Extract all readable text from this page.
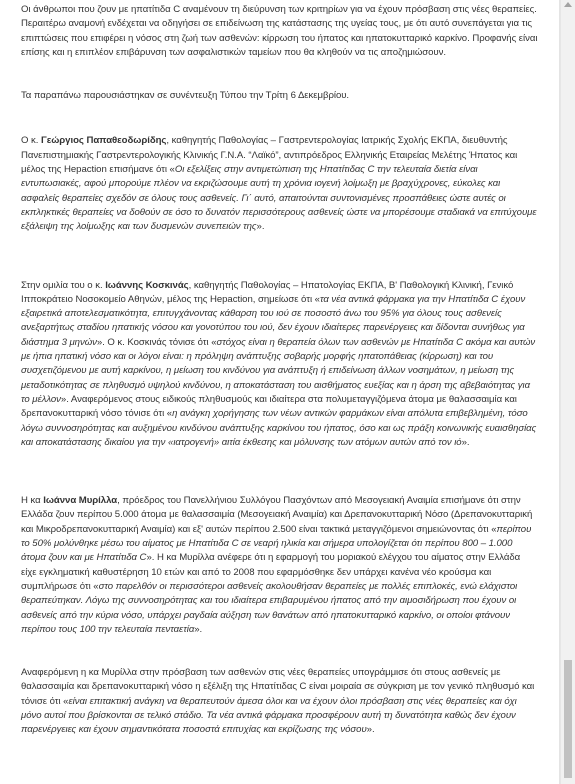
Οι άνθρωποι που ζουν με ηπατίτιδα C αναμένουν τη διεύρυνση των κριτηρίων για να έχουν πρόσβαση στις νέες θεραπείες. Περαιτέρω αναμονή ενδέχεται να οδηγήσει σε επιδείνωση της κατάστασης της υγείας τους, με ότι αυτό συνεπάγεται για τις επιπτώσεις που επιφέρει η νόσος στη ζωή των ασθενών: κίρρωση του ήπατος και ηπατοκυτταρικό καρκίνο. Προφανής είναι επίσης και η επιπλέον επιβάρυνση των ασφαλιστικών ταμείων που θα κληθούν να τις αποζημιώσουν.

Τα παραπάνω παρουσιάστηκαν σε συνέντευξη Τύπου την Τρίτη 6 Δεκεμβρίου.

Ο κ. Γεώργιος Παπαθεοδωρίδης, καθηγητής Παθολογίας – Γαστρεντερολογίας Ιατρικής Σχολής ΕΚΠΑ, διευθυντής Πανεπιστημιακής Γαστρεντερολογικής Κλινικής Γ.Ν.Α. “Λαϊκό”, αντιπρόεδρος Ελληνικής Εταιρείας Μελέτης Ήπατος και μέλος της Hepaction επισήμανε ότι «Οι εξελίξεις στην αντιμετώπιση της Ηπατίτιδας C την τελευταία διετία είναι εντυπωσιακές, αφού μπορούμε πλέον να εκριζώσουμε αυτή τη χρόνια ιογενή λοίμωξη με βραχύχρονες, εύκολες και ασφαλείς θεραπείες σχεδόν σε όλους τους ασθενείς. Γι΄ αυτό, απαιτούνται συντονισμένες προσπάθειες ώστε αυτές οι εκπληκτικές θεραπείες να δοθούν σε όσο το δυνατόν περισσότερους ασθενείς ώστε να μπορέσουμε σταδιακά να επιτύχουμε εξάλειψη της λοίμωξης και των δυσμενών συνεπειών της».

Στην ομιλία του ο κ. Ιωάννης Κοσκινάς, καθηγητής Παθολογίας – Ηπατολογίας ΕΚΠΑ, Β' Παθολογική Κλινική, Γενικό Ιπποκράτειο Νοσοκομείο Αθηνών, μέλος της Hepaction, σημείωσε ότι «τα νέα αντικά φάρμακα για την Ηπατίτιδα C έχουν εξαιρετικά αποτελεσματικότητα, επιτυγχάνοντας κάθαρση του ιού σε ποσοστό άνω του 95% για όλους τους ασθενείς ανεξαρτήτως σταδίου ηπατικής νόσου και γονοτύπου του ιού, δεν έχουν ιδιαίτερες παρενέργειες και δίδονται συνήθως για διάστημα 3 μηνών». Ο κ. Κοσκινάς τόνισε ότι «στόχος είναι η θεραπεία όλων των ασθενών με Ηπατίτιδα C ακόμα και αυτών με ήπια ηπατική νόσο και οι λόγοι είναι: η πρόληψη ανάπτυξης σοβαρής μορφής ηπατοπάθειας (κίρρωση) και του συσχετιζόμενου με αυτή καρκίνου, η μείωση του κινδύνου για ανάπτυξη ή επιδείνωση άλλων νοσημάτων, η μείωση της μεταδοτικότητας σε πληθυσμό υψηλού κινδύνου, η αποκατάσταση του αισθήματος ευεξίας και η άρση της αβεβαιότητας για το μέλλον». Αναφερόμενος στους ειδικούς πληθυσμούς και ιδιαίτερα στα πολυμεταγγιζόμενα άτομα με θαλασσαιμία και δρεπανοκυτταρική νόσο τόνισε ότι «η ανάγκη χορήγησης των νέων αντικών φαρμάκων είναι απόλυτα επιβεβλημένη, τόσο λόγω συννοσηρότητας και αυξημένου κινδύνου ανάπτυξης καρκίνου του ήπατος, όσο και ως πράξη κοινωνικής ευαισθησίας και αποκατάστασης δικαίου για την «ιατρογενή» αιτία έκθεσης και μόλυνσης των ατόμων αυτών από τον ιό».

Η κα Ιωάννα Μυρίλλα, πρόεδρος του Πανελλήνιου Συλλόγου Πασχόντων από Μεσογειακή Αναιμία επισήμανε ότι στην Ελλάδα ζουν περίπου 5.000 άτομα με θαλασσαιμία (Μεσογειακή Αναιμία) και Δρεπανοκυτταρική Νόσο (Δρεπανοκυτταρική και Μικροδρεπανοκυτταρική Αναιμία) και εξ' αυτών περίπου 2.500 είναι τακτικά μεταγγιζόμενοι σημειώνοντας ότι «περίπου το 50% μολύνθηκε μέσω του αίματος με Ηπατίτιδα C σε νεαρή ηλικία και σήμερα υπολογίζεται ότι περίπου 800 – 1.000 άτομα ζουν και με Ηπατίτιδα C». Η κα Μυρίλλα ανέφερε ότι η εφαρμογή του μοριακού ελέγχου του αίματος στην Ελλάδα είχε εγκληματική καθυστέρηση 10 ετών και από το 2008 που εφαρμόσθηκε δεν υπάρχει κανένα νέο κρούσμα και συμπλήρωσε ότι «στο παρελθόν οι περισσότεροι ασθενείς ακολουθήσαν θεραπείες με πολλές επιπλοκές, ενώ ελάχιστοι θεραπεύτηκαν. Λόγω της συννοσηρότητας και του ιδιαίτερα επιβαρυμένου ήπατος από την αιμοσιδήρωση που έχουν οι ασθενείς από την κύρια νόσο, υπάρχει ραγδαία αύξηση των θανάτων από ηπατοκυτταρικό καρκίνο, οι οποίοι φτάνουν περίπου τους 100 την τελευταία πενταετία».

Αναφερόμενη η κα Μυρίλλα στην πρόσβαση των ασθενών στις νέες θεραπείες υπογράμμισε ότι στους ασθενείς με θαλασσαιμία και δρεπανοκυτταρική νόσο η εξέλιξη της Ηπατίτιδας C είναι μοιραία σε σύγκριση με τον γενικό πληθυσμό και τόνισε ότι «είναι επιτακτική ανάγκη να θεραπευτούν άμεσα όλοι και να έχουν όλοι πρόσβαση στις νέες θεραπείες και όχι μόνο αυτοί που βρίσκονται σε τελικό στάδιο. Τα νέα αντικά φάρμακα προσφέρουν αυτή τη δυνατότητα καθώς δεν έχουν παρενέργειες και έχουν σημαντικότατα ποσοστά επιτυχίας και εκρίζωσης της νόσου».
